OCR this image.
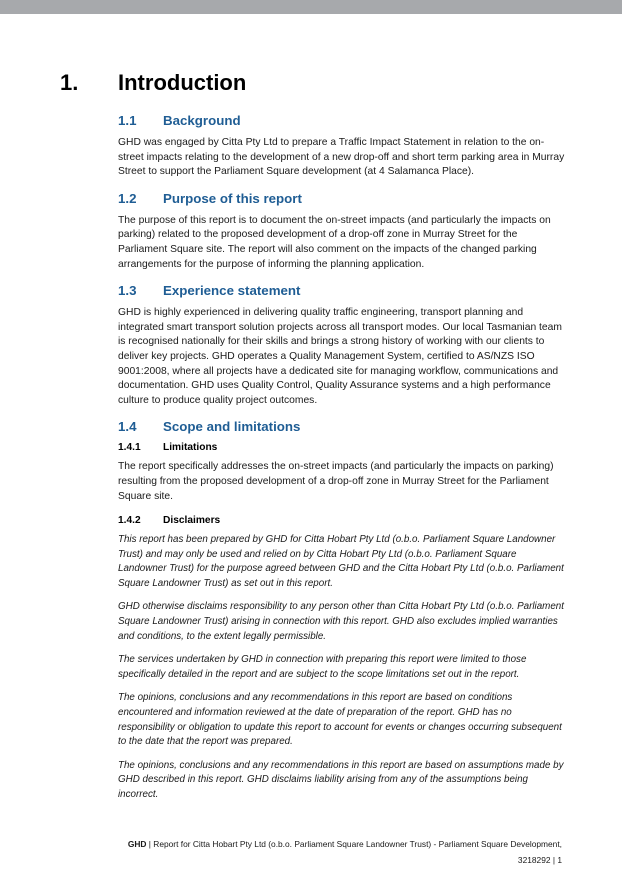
1. Introduction
1.1 Background

GHD was engaged by Citta Pty Ltd to prepare a Traffic Impact Statement in relation to the on-street impacts relating to the development of a new drop-off and short term parking area in Murray Street to support the Parliament Square development (at 4 Salamanca Place).

1.2 Purpose of this report

The purpose of this report is to document the on-street impacts (and particularly the impacts on parking) related to the proposed development of a drop-off zone in Murray Street for the Parliament Square site. The report will also comment on the impacts of the changed parking arrangements for the purpose of informing the planning application.

1.3 Experience statement

GHD is highly experienced in delivering quality traffic engineering, transport planning and integrated smart transport solution projects across all transport modes. Our local Tasmanian team is recognised nationally for their skills and brings a strong history of working with our clients to deliver key projects. GHD operates a Quality Management System, certified to AS/NZS ISO 9001:2008, where all projects have a dedicated site for managing workflow, communications and documentation. GHD uses Quality Control, Quality Assurance systems and a high performance culture to produce quality project outcomes.

1.4 Scope and limitations
1.4.1 Limitations

The report specifically addresses the on-street impacts (and particularly the impacts on parking) resulting from the proposed development of a drop-off zone in Murray Street for the Parliament Square site.

1.4.2 Disclaimers

This report has been prepared by GHD for Citta Hobart Pty Ltd (o.b.o. Parliament Square Landowner Trust) and may only be used and relied on by Citta Hobart Pty Ltd (o.b.o. Parliament Square Landowner Trust) for the purpose agreed between GHD and the Citta Hobart Pty Ltd (o.b.o. Parliament Square Landowner Trust) as set out in this report.

GHD otherwise disclaims responsibility to any person other than Citta Hobart Pty Ltd (o.b.o. Parliament Square Landowner Trust) arising in connection with this report. GHD also excludes implied warranties and conditions, to the extent legally permissible.

The services undertaken by GHD in connection with preparing this report were limited to those specifically detailed in the report and are subject to the scope limitations set out in the report.

The opinions, conclusions and any recommendations in this report are based on conditions encountered and information reviewed at the date of preparation of the report. GHD has no responsibility or obligation to update this report to account for events or changes occurring subsequent to the date that the report was prepared.

The opinions, conclusions and any recommendations in this report are based on assumptions made by GHD described in this report. GHD disclaims liability arising from any of the assumptions being incorrect.

GHD | Report for Citta Hobart Pty Ltd (o.b.o. Parliament Square Landowner Trust) - Parliament Square Development,
3218292 | 1
